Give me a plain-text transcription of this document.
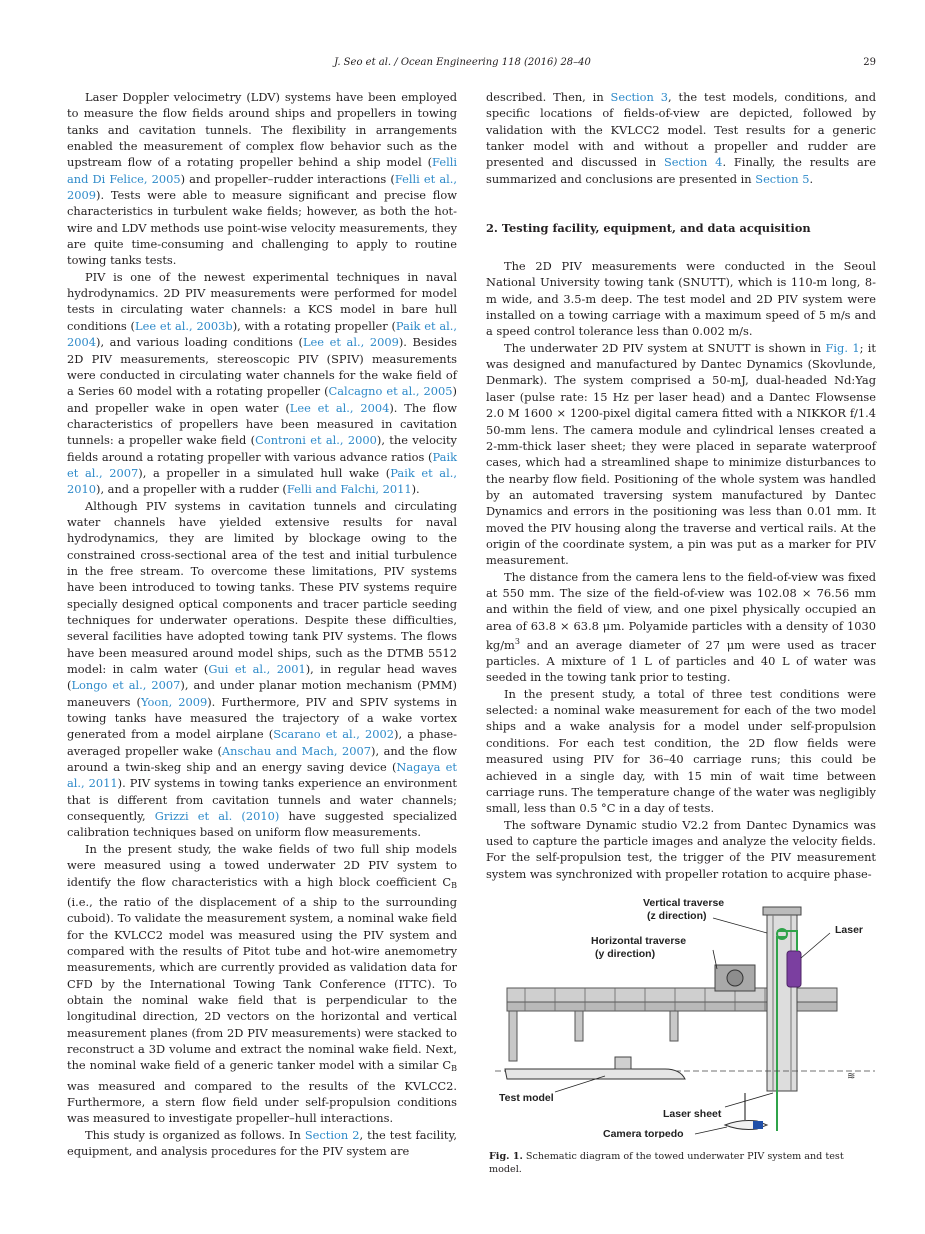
J. Seo et al. / Ocean Engineering 118 (2016) 28–40	29

Laser Doppler velocimetry (LDV) systems have been employed to measure the flow fields around ships and propellers in towing tanks and cavitation tunnels. The flexibility in arrangements enabled the measurement of complex flow behavior such as the upstream flow of a rotating propeller behind a ship model (Felli and Di Felice, 2005) and propeller–rudder interactions (Felli et al., 2009). Tests were able to measure significant and precise flow characteristics in turbulent wake fields; however, as both the hot-wire and LDV methods use point-wise velocity measurements, they are quite time-consuming and challenging to apply to routine towing tanks tests.

PIV is one of the newest experimental techniques in naval hydrodynamics. 2D PIV measurements were performed for model tests in circulating water channels: a KCS model in bare hull conditions (Lee et al., 2003b), with a rotating propeller (Paik et al., 2004), and various loading conditions (Lee et al., 2009). Besides 2D PIV measurements, stereoscopic PIV (SPIV) measurements were conducted in circulating water channels for the wake field of a Series 60 model with a rotating propeller (Calcagno et al., 2005) and propeller wake in open water (Lee et al., 2004). The flow characteristics of propellers have been measured in cavitation tunnels: a propeller wake field (Controni et al., 2000), the velocity fields around a rotating propeller with various advance ratios (Paik et al., 2007), a propeller in a simulated hull wake (Paik et al., 2010), and a propeller with a rudder (Felli and Falchi, 2011).

Although PIV systems in cavitation tunnels and circulating water channels have yielded extensive results for naval hydrodynamics, they are limited by blockage owing to the constrained cross-sectional area of the test and initial turbulence in the free stream. To overcome these limitations, PIV systems have been introduced to towing tanks. These PIV systems require specially designed optical components and tracer particle seeding techniques for underwater operations. Despite these difficulties, several facilities have adopted towing tank PIV systems. The flows have been measured around model ships, such as the DTMB 5512 model: in calm water (Gui et al., 2001), in regular head waves (Longo et al., 2007), and under planar motion mechanism (PMM) maneuvers (Yoon, 2009). Furthermore, PIV and SPIV systems in towing tanks have measured the trajectory of a wake vortex generated from a model airplane (Scarano et al., 2002), a phase-averaged propeller wake (Anschau and Mach, 2007), and the flow around a twin-skeg ship and an energy saving device (Nagaya et al., 2011). PIV systems in towing tanks experience an environment that is different from cavitation tunnels and water channels; consequently, Grizzi et al. (2010) have suggested specialized calibration techniques based on uniform flow measurements.

In the present study, the wake fields of two full ship models were measured using a towed underwater 2D PIV system to identify the flow characteristics with a high block coefficient $C_B$ (i.e., the ratio of the displacement of a ship to the surrounding cuboid). To validate the measurement system, a nominal wake field for the KVLCC2 model was measured using the PIV system and compared with the results of Pitot tube and hot-wire anemometry measurements, which are currently provided as validation data for CFD by the International Towing Tank Conference (ITTC). To obtain the nominal wake field that is perpendicular to the longitudinal direction, 2D vectors on the horizontal and vertical measurement planes (from 2D PIV measurements) were stacked to reconstruct a 3D volume and extract the nominal wake field. Next, the nominal wake field of a generic tanker model with a similar $C_B$ was measured and compared to the results of the KVLCC2. Furthermore, a stern flow field under self-propulsion conditions was measured to investigate propeller–hull interactions.

This study is organized as follows. In Section 2, the test facility, equipment, and analysis procedures for the PIV system are

described. Then, in Section 3, the test models, conditions, and specific locations of fields-of-view are depicted, followed by validation with the KVLCC2 model. Test results for a generic tanker model with and without a propeller and rudder are presented and discussed in Section 4. Finally, the results are summarized and conclusions are presented in Section 5.

2. Testing facility, equipment, and data acquisition

The 2D PIV measurements were conducted in the Seoul National University towing tank (SNUTT), which is 110-m long, 8-m wide, and 3.5-m deep. The test model and 2D PIV system were installed on a towing carriage with a maximum speed of 5 m/s and a speed control tolerance less than 0.002 m/s.

The underwater 2D PIV system at SNUTT is shown in Fig. 1; it was designed and manufactured by Dantec Dynamics (Skovlunde, Denmark). The system comprised a 50-mJ, dual-headed Nd:Yag laser (pulse rate: 15 Hz per laser head) and a Dantec Flowsense 2.0 M 1600 × 1200-pixel digital camera fitted with a NIKKOR f/1.4 50-mm lens. The camera module and cylindrical lenses created a 2-mm-thick laser sheet; they were placed in separate waterproof cases, which had a streamlined shape to minimize disturbances to the nearby flow field. Positioning of the whole system was handled by an automated traversing system manufactured by Dantec Dynamics and errors in the positioning was less than 0.01 mm. It moved the PIV housing along the traverse and vertical rails. At the origin of the coordinate system, a pin was put as a marker for PIV measurement.

The distance from the camera lens to the field-of-view was fixed at 550 mm. The size of the field-of-view was 102.08 × 76.56 mm and within the field of view, and one pixel physically occupied an area of 63.8 × 63.8 μm. Polyamide particles with a density of 1030 $kg/m^3$ and an average diameter of 27 μm were used as tracer particles. A mixture of 1 L of particles and 40 L of water was seeded in the towing tank prior to testing.

In the present study, a total of three test conditions were selected: a nominal wake measurement for each of the two model ships and a wake analysis for a model under self-propulsion conditions. For each test condition, the 2D flow fields were measured using PIV for 36–40 carriage runs; this could be achieved in a single day, with 15 min of wait time between carriage runs. The temperature change of the water was negligibly small, less than 0.5 °C in a day of tests.

The software Dynamic studio V2.2 from Dantec Dynamics was used to capture the particle images and analyze the velocity fields. For the self-propulsion test, the trigger of the PIV measurement system was synchronized with propeller rotation to acquire phase-

≋
Vertical traverse
(z direction)
Horizontal traverse
(y direction)
Laser
Test model
Laser sheet
Camera torpedo
Fig. 1. Schematic diagram of the towed underwater PIV system and test model.
